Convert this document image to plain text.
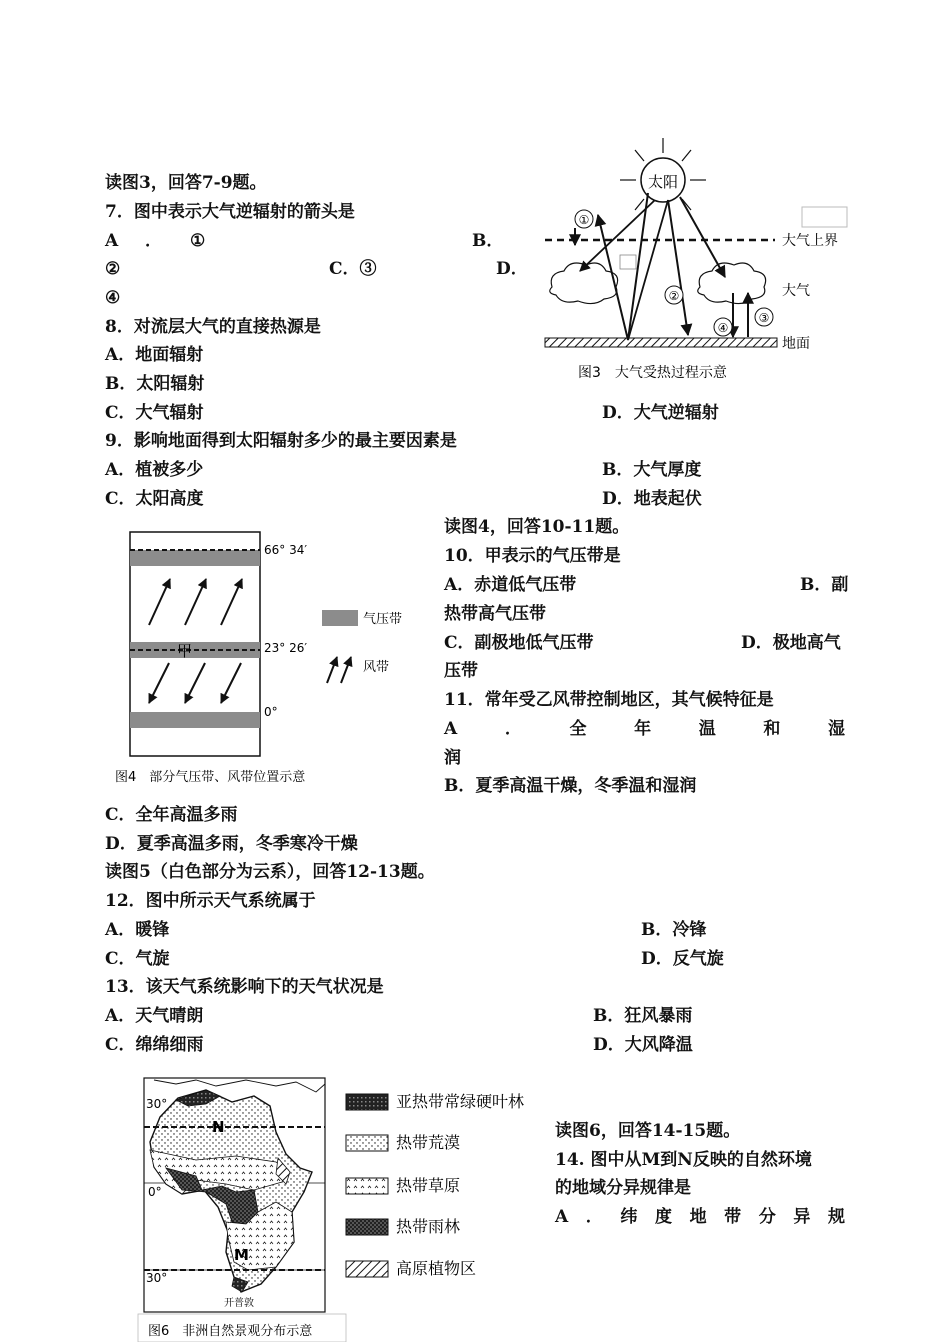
读图3，回答7-9题。
7．图中表示大气逆辐射的箭头是
A ． ①	B．
②	C．③	D．
④
8．对流层大气的直接热源是
A．地面辐射
B．太阳辐射
C．大气辐射	D．大气逆辐射
9．影响地面得到太阳辐射多少的最主要因素是
A．植被多少	B．大气厚度
C．太阳高度	D．地表起伏
太阳
大气上界
大气
地面
①
②
③
④
图3　大气受热过程示意
甲
66° 34′
23° 26′
0°
气压带
风带
图4　部分气压带、风带位置示意
读图4，回答10-11题。
10．甲表示的气压带是
A．赤道低气压带	B．副
热带高气压带
C．副极地低气压带	D．极地高气
压带
11．常年受乙风带控制地区，其气候特征是
A	．	全	年	温	和	湿
润
B．夏季高温干燥，冬季温和湿润
C．全年高温多雨
D．夏季高温多雨，冬季寒冷干燥
读图5（白色部分为云系），回答12-13题。
12．图中所示天气系统属于
A．暖锋	B．冷锋
C．气旋	D．反气旋
13．该天气系统影响下的天气状况是
A．天气晴朗	B．狂风暴雨
C．绵绵细雨	D．大风降温
30°
0°
30°
N
M
开普敦
亚热带常绿硬叶林
热带荒漠
热带草原
热带雨林
高原植物区
图6　非洲自然景观分布示意
读图6，回答14-15题。
14. 图中从M到N反映的自然环境
的地域分异规律是
A ． 纬 度 地 带 分 异 规
